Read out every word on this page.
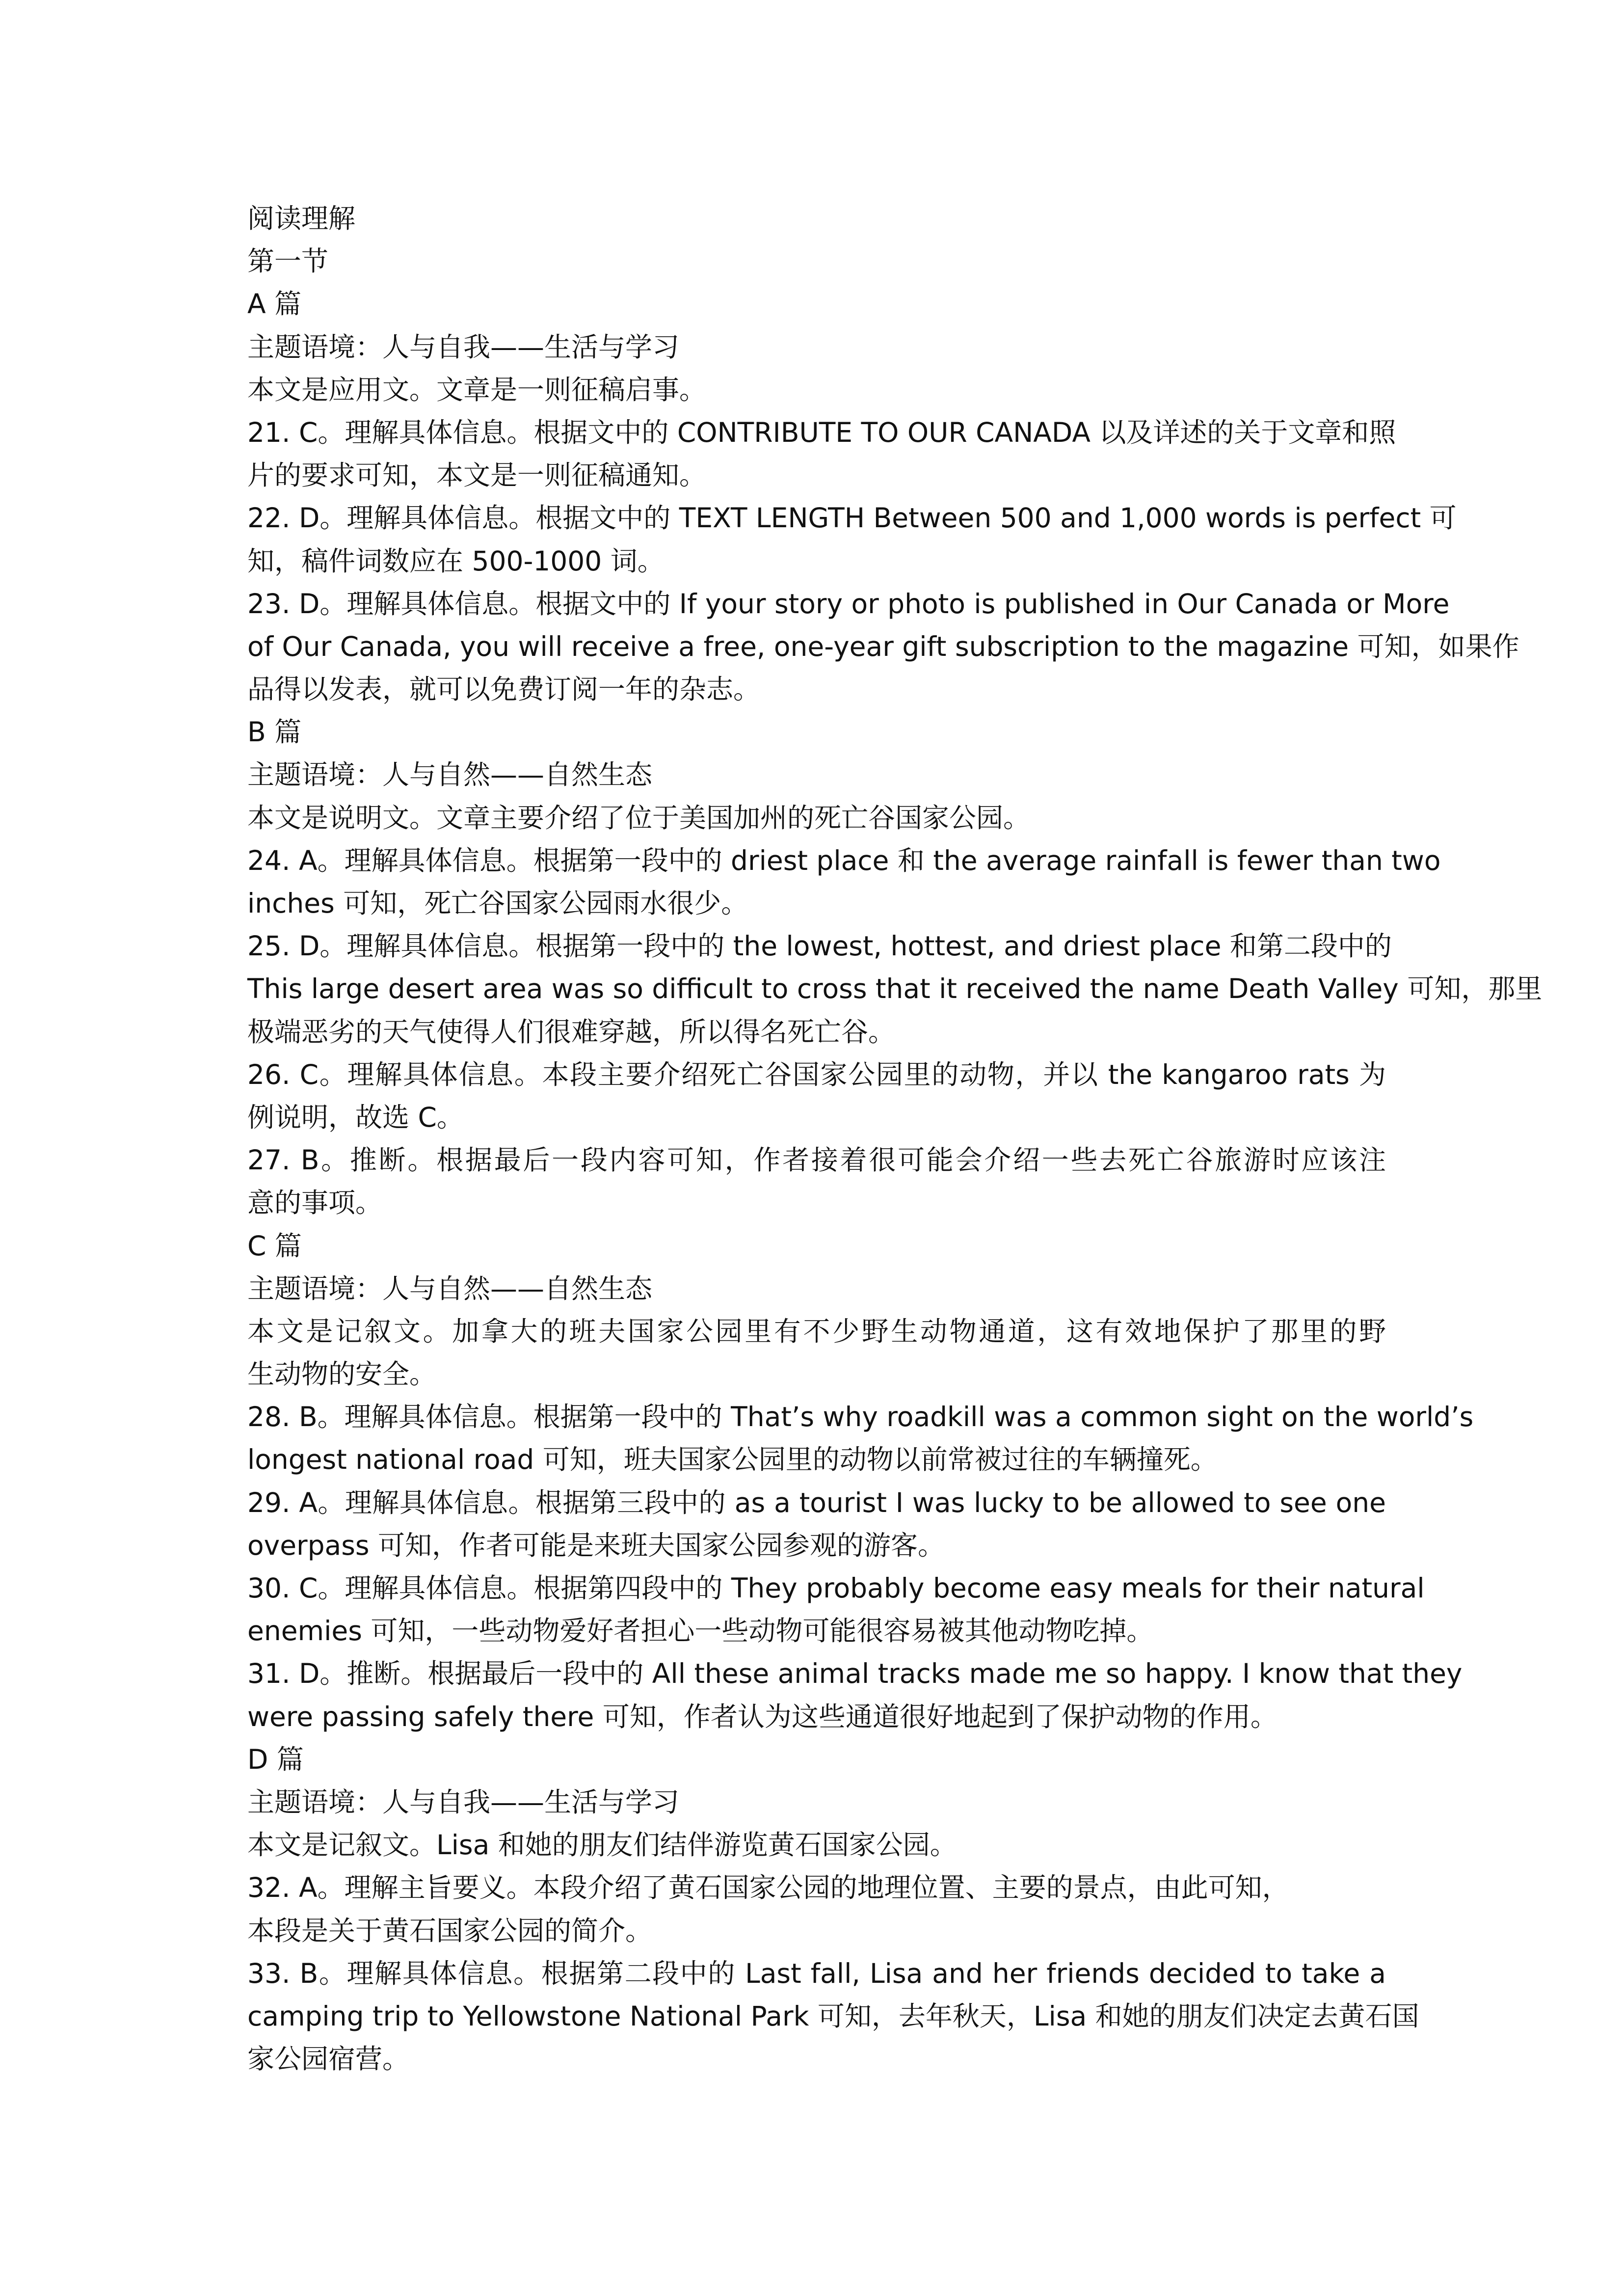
阅读理解
第一节
A 篇
主题语境：人与自我——生活与学习
本文是应用文。文章是一则征稿启事。
21. C。理解具体信息。根据文中的 CONTRIBUTE TO OUR CANADA 以及详述的关于文章和照
片的要求可知，本文是一则征稿通知。
22. D。理解具体信息。根据文中的 TEXT LENGTH Between 500 and 1,000 words is perfect 可
知，稿件词数应在 500-1000 词。
23. D。理解具体信息。根据文中的 If your story or photo is published in Our Canada or More
of Our Canada, you will receive a free, one-year gift subscription to the magazine 可知，如果作
品得以发表，就可以免费订阅一年的杂志。
B 篇
主题语境：人与自然——自然生态
本文是说明文。文章主要介绍了位于美国加州的死亡谷国家公园。
24. A。理解具体信息。根据第一段中的 driest place 和 the average rainfall is fewer than two
inches 可知，死亡谷国家公园雨水很少。
25. D。理解具体信息。根据第一段中的 the lowest, hottest, and driest place 和第二段中的
This large desert area was so difficult to cross that it received the name Death Valley 可知，那里
极端恶劣的天气使得人们很难穿越，所以得名死亡谷。
26. C。理解具体信息。本段主要介绍死亡谷国家公园里的动物，并以 the kangaroo rats 为
例说明，故选 C。
27. B。推断。根据最后一段内容可知，作者接着很可能会介绍一些去死亡谷旅游时应该注
意的事项。
C 篇
主题语境：人与自然——自然生态
本文是记叙文。加拿大的班夫国家公园里有不少野生动物通道，这有效地保护了那里的野
生动物的安全。
28. B。理解具体信息。根据第一段中的 That’s why roadkill was a common sight on the world’s
longest national road 可知，班夫国家公园里的动物以前常被过往的车辆撞死。
29. A。理解具体信息。根据第三段中的 as a tourist I was lucky to be allowed to see one
overpass 可知，作者可能是来班夫国家公园参观的游客。
30. C。理解具体信息。根据第四段中的 They probably become easy meals for their natural
enemies 可知，一些动物爱好者担心一些动物可能很容易被其他动物吃掉。
31. D。推断。根据最后一段中的 All these animal tracks made me so happy. I know that they
were passing safely there 可知，作者认为这些通道很好地起到了保护动物的作用。
D 篇
主题语境：人与自我——生活与学习
本文是记叙文。Lisa 和她的朋友们结伴游览黄石国家公园。
32. A。理解主旨要义。本段介绍了黄石国家公园的地理位置、主要的景点，由此可知，
本段是关于黄石国家公园的简介。
33. B。理解具体信息。根据第二段中的 Last fall, Lisa and her friends decided to take a
camping trip to Yellowstone National Park 可知，去年秋天，Lisa 和她的朋友们决定去黄石国
家公园宿营。
